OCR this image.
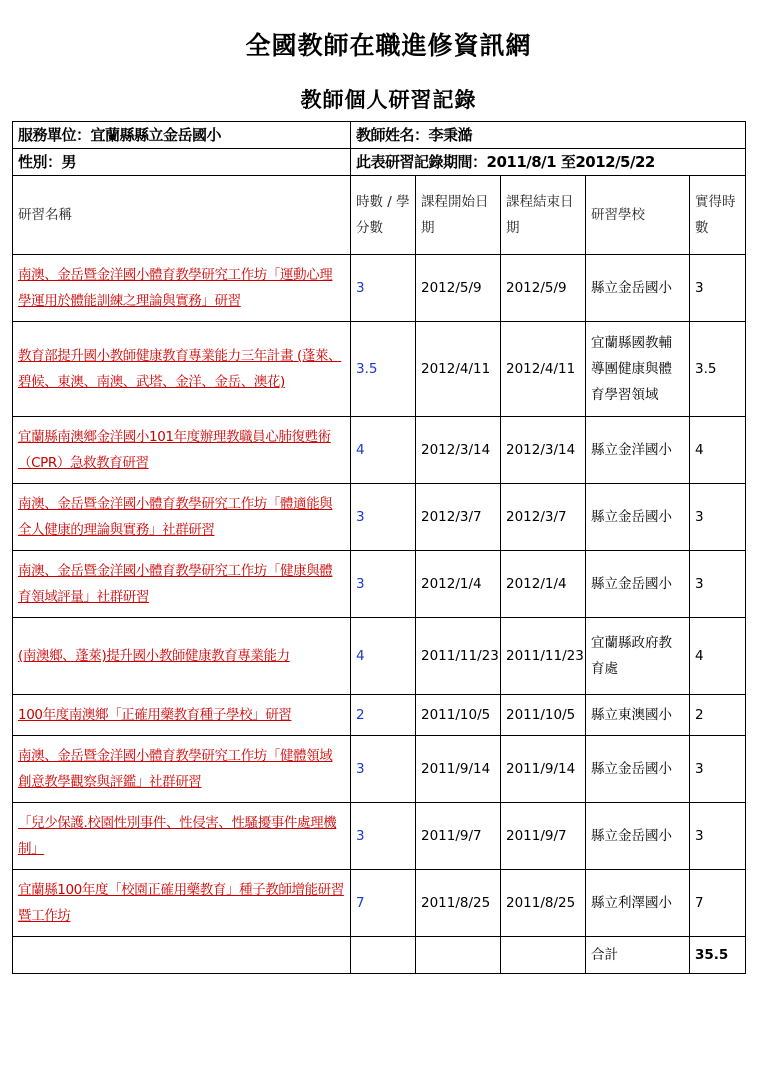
全國教師在職進修資訊網
教師個人研習記錄
服務單位：宜蘭縣縣立金岳國小	教師姓名：李秉澔				
性別：男	此表研習記錄期間：2011/8/1 至2012/5/22				
研習名稱	時數 / 學分數	課程開始日期	課程結束日期	研習學校	實得時數
南澳、金岳暨金洋國小體育教學研究工作坊「運動心理學運用於體能訓練之理論與實務」研習	3	2012/5/9	2012/5/9	縣立金岳國小	3
教育部提升國小教師健康教育專業能力三年計畫 (蓬萊、碧候、東澳、南澳、武塔、金洋、金岳、澳花)	3.5	2012/4/11	2012/4/11	宜蘭縣國教輔導團健康與體育學習領域	3.5
宜蘭縣南澳鄉金洋國小101年度辦理教職員心肺復甦術（CPR）急救教育研習	4	2012/3/14	2012/3/14	縣立金洋國小	4
南澳、金岳暨金洋國小體育教學研究工作坊「體適能與全人健康的理論與實務」社群研習	3	2012/3/7	2012/3/7	縣立金岳國小	3
南澳、金岳暨金洋國小體育教學研究工作坊「健康與體育領域評量」社群研習	3	2012/1/4	2012/1/4	縣立金岳國小	3
(南澳鄉、蓬萊)提升國小教師健康教育專業能力	4	2011/11/23	2011/11/23	宜蘭縣政府教育處	4
100年度南澳鄉「正確用藥教育種子學校」研習	2	2011/10/5	2011/10/5	縣立東澳國小	2
南澳、金岳暨金洋國小體育教學研究工作坊「健體領域創意教學觀察與評鑑」社群研習	3	2011/9/14	2011/9/14	縣立金岳國小	3
「兒少保護.校園性別事件、性侵害、性騷擾事件處理機制」	3	2011/9/7	2011/9/7	縣立金岳國小	3
宜蘭縣100年度「校園正確用藥教育」種子教師增能研習暨工作坊	7	2011/8/25	2011/8/25	縣立利澤國小	7
				合計	35.5
